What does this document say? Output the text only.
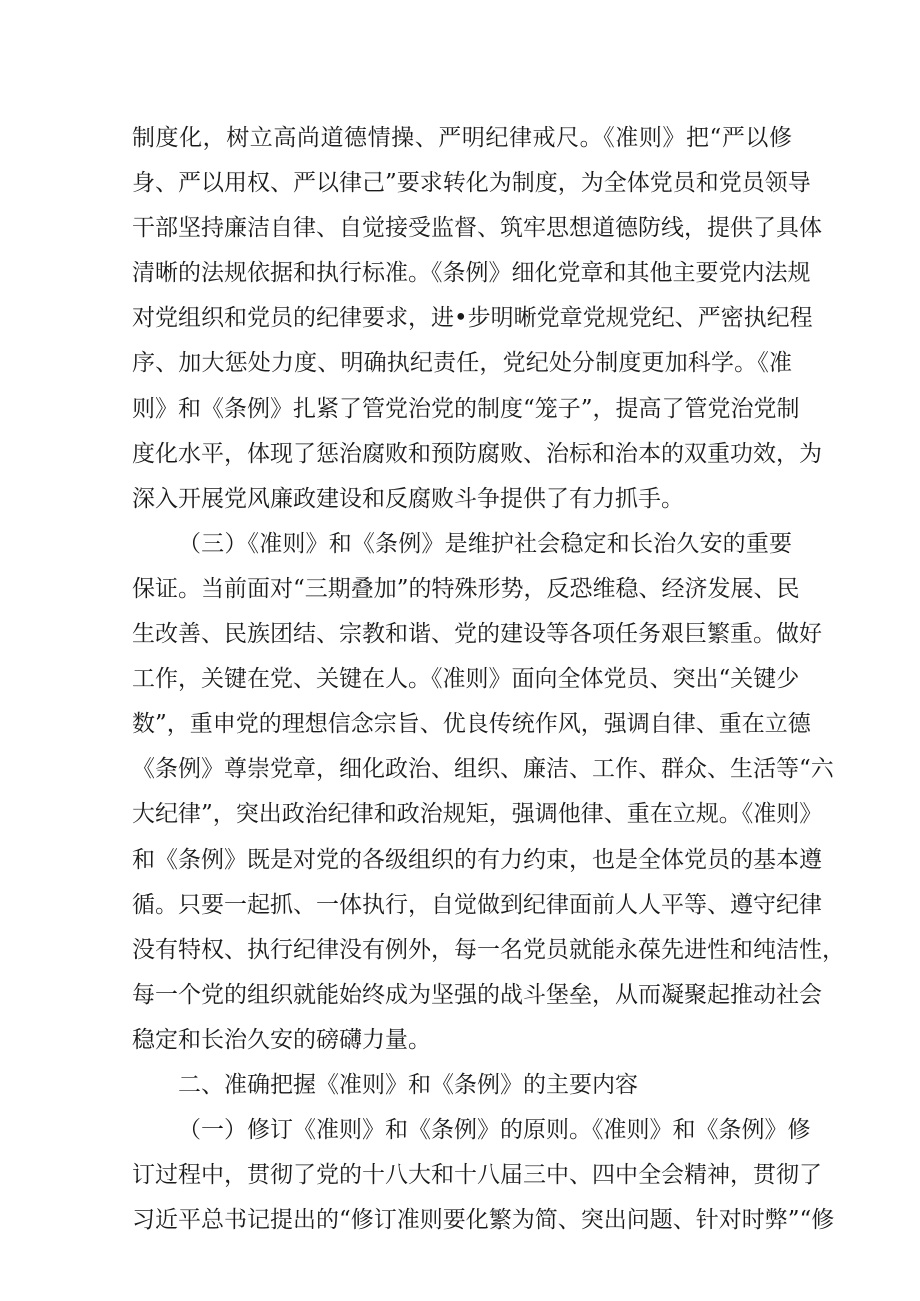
制度化，树立高尚道德情操、严明纪律戒尺。《准则》把“严以修
身、严以用权、严以律己”要求转化为制度，为全体党员和党员领导
干部坚持廉洁自律、自觉接受监督、筑牢思想道德防线，提供了具体
清晰的法规依据和执行标准。《条例》细化党章和其他主要党内法规
对党组织和党员的纪律要求，进•步明晰党章党规党纪、严密执纪程
序、加大惩处力度、明确执纪责任，党纪处分制度更加科学。《准
则》和《条例》扎紧了管党治党的制度“笼子”，提高了管党治党制
度化水平，体现了惩治腐败和预防腐败、治标和治本的双重功效，为
深入开展党风廉政建设和反腐败斗争提供了有力抓手。
（三）《准则》和《条例》是维护社会稳定和长治久安的重要
保证。当前面对“三期叠加”的特殊形势，反恐维稳、经济发展、民
生改善、民族团结、宗教和谐、党的建设等各项任务艰巨繁重。做好
工作，关键在党、关键在人。《准则》面向全体党员、突出“关键少
数”，重申党的理想信念宗旨、优良传统作风，强调自律、重在立德
《条例》尊崇党章，细化政治、组织、廉洁、工作、群众、生活等“六
大纪律”，突出政治纪律和政治规矩，强调他律、重在立规。《准则》
和《条例》既是对党的各级组织的有力约束，也是全体党员的基本遵
循。只要一起抓、一体执行，自觉做到纪律面前人人平等、遵守纪律
没有特权、执行纪律没有例外，每一名党员就能永葆先进性和纯洁性，
每一个党的组织就能始终成为坚强的战斗堡垒，从而凝聚起推动社会
稳定和长治久安的磅礴力量。
二、准确把握《准则》和《条例》的主要内容
（一）修订《准则》和《条例》的原则。《准则》和《条例》修
订过程中，贯彻了党的十八大和十八届三中、四中全会精神，贯彻了
习近平总书记提出的“修订准则要化繁为简、突出问题、针对时弊”“修
